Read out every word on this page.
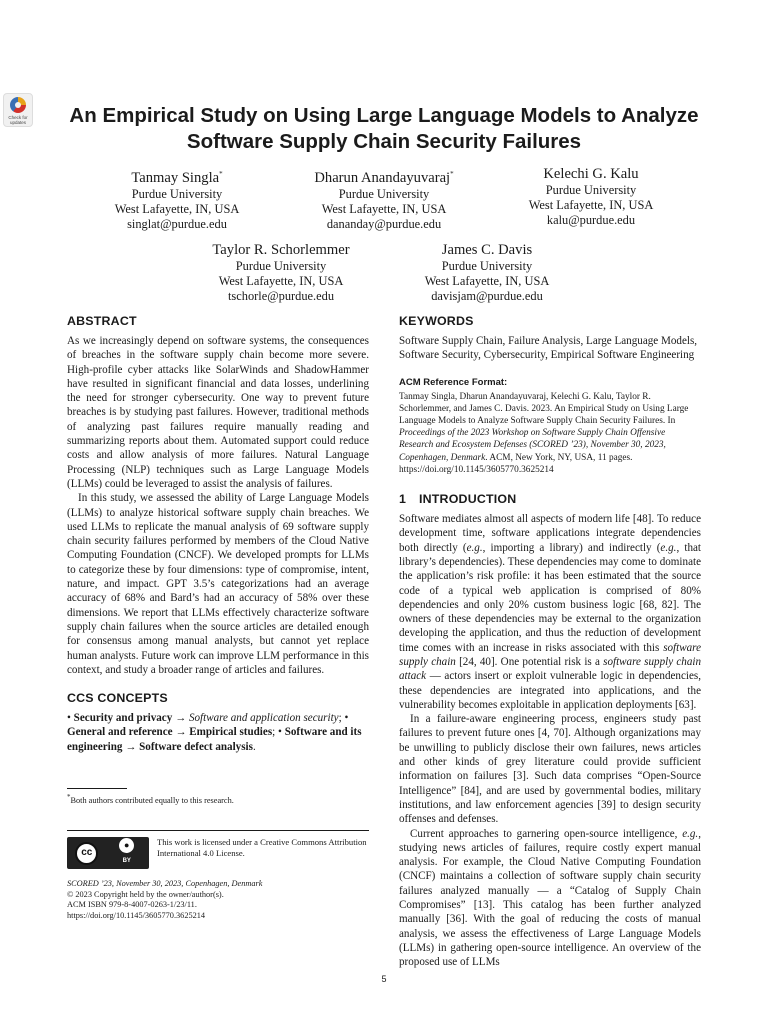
Check for updates	An Empirical Study on Using Large Language Models to Analyze Software Supply Chain Security Failures
Tanmay Singla*
Purdue University
West Lafayette, IN, USA
singlat@purdue.edu
Dharun Anandayuvaraj*
Purdue University
West Lafayette, IN, USA
dananday@purdue.edu
Kelechi G. Kalu
Purdue University
West Lafayette, IN, USA
kalu@purdue.edu
Taylor R. Schorlemmer
Purdue University
West Lafayette, IN, USA
tschorle@purdue.edu
James C. Davis
Purdue University
West Lafayette, IN, USA
davisjam@purdue.edu
ABSTRACT

As we increasingly depend on software systems, the consequences of breaches in the software supply chain become more severe. High-profile cyber attacks like SolarWinds and ShadowHammer have resulted in significant financial and data losses, underlining the need for stronger cybersecurity. One way to prevent future breaches is by studying past failures. However, traditional methods of analyzing past failures require manually reading and summarizing reports about them. Automated support could reduce costs and allow analysis of more failures. Natural Language Processing (NLP) techniques such as Large Language Models (LLMs) could be leveraged to assist the analysis of failures.

In this study, we assessed the ability of Large Language Models (LLMs) to analyze historical software supply chain breaches. We used LLMs to replicate the manual analysis of 69 software supply chain security failures performed by members of the Cloud Native Computing Foundation (CNCF). We developed prompts for LLMs to categorize these by four dimensions: type of compromise, intent, nature, and impact. GPT 3.5’s categorizations had an average accuracy of 68% and Bard’s had an accuracy of 58% over these dimensions. We report that LLMs effectively characterize software supply chain failures when the source articles are detailed enough for consensus among manual analysts, but cannot yet replace human analysts. Future work can improve LLM performance in this context, and study a broader range of articles and failures.

CCS CONCEPTS
• Security and privacy → Software and application security; • General and reference → Empirical studies; • Software and its engineering → Software defect analysis.
*Both authors contributed equally to this research.
cc
●
BY
This work is licensed under a Creative Commons Attribution International 4.0 License.
SCORED ’23, November 30, 2023, Copenhagen, Denmark
© 2023 Copyright held by the owner/author(s).
ACM ISBN 979-8-4007-0263-1/23/11.
https://doi.org/10.1145/3605770.3625214
KEYWORDS

Software Supply Chain, Failure Analysis, Large Language Models, Software Security, Cybersecurity, Empirical Software Engineering

ACM Reference Format:
Tanmay Singla, Dharun Anandayuvaraj, Kelechi G. Kalu, Taylor R. Schorlemmer, and James C. Davis. 2023. An Empirical Study on Using Large Language Models to Analyze Software Supply Chain Security Failures. In Proceedings of the 2023 Workshop on Software Supply Chain Offensive Research and Ecosystem Defenses (SCORED ’23), November 30, 2023, Copenhagen, Denmark. ACM, New York, NY, USA, 11 pages. https://doi.org/10.1145/3605770.3625214
1 INTRODUCTION

Software mediates almost all aspects of modern life [48]. To reduce development time, software applications integrate dependencies both directly (e.g., importing a library) and indirectly (e.g., that library’s dependencies). These dependencies may come to dominate the application’s risk profile: it has been estimated that the source code of a typical web application is comprised of 80% dependencies and only 20% custom business logic [68, 82]. The owners of these dependencies may be external to the organization developing the application, and thus the reduction of development time comes with an increase in risks associated with this software supply chain [24, 40]. One potential risk is a software supply chain attack — actors insert or exploit vulnerable logic in dependencies, these dependencies are integrated into applications, and the vulnerability becomes exploitable in application deployments [63].

In a failure-aware engineering process, engineers study past failures to prevent future ones [4, 70]. Although organizations may be unwilling to publicly disclose their own failures, news articles and other kinds of grey literature could provide sufficient information on failures [3]. Such data comprises “Open-Source Intelligence” [84], and are used by governmental bodies, military institutions, and law enforcement agencies [39] to design security offenses and defenses.

Current approaches to garnering open-source intelligence, e.g., studying news articles of failures, require costly expert manual analysis. For example, the Cloud Native Computing Foundation (CNCF) maintains a collection of software supply chain security failures analyzed manually — a “Catalog of Supply Chain Compromises” [13]. This catalog has been further analyzed manually [36]. With the goal of reducing the costs of manual analysis, we assess the effectiveness of Large Language Models (LLMs) in gathering open-source intelligence. An overview of the proposed use of LLMs

5
